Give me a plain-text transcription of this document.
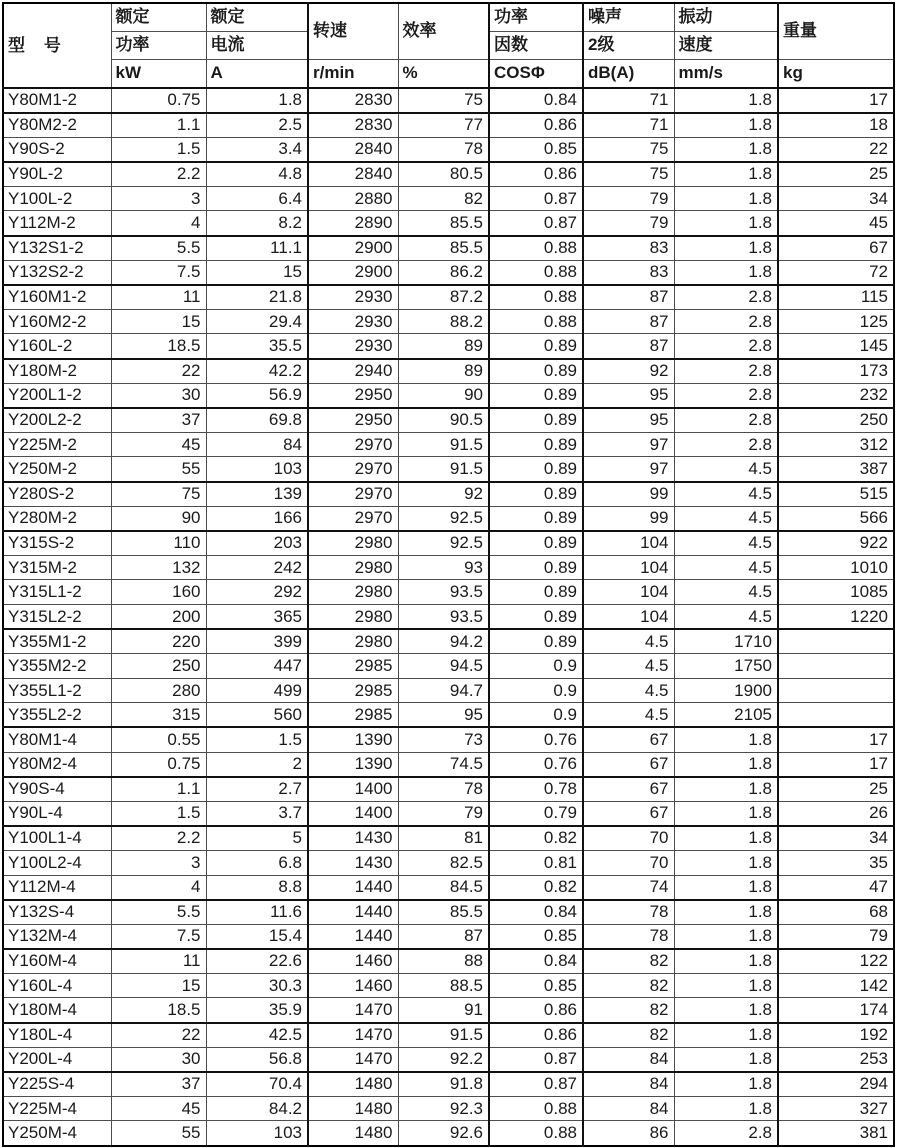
型    号	额定	额定	转速	效率	功率	噪声	振动	重量
	功率	电流			因数	2级	速度	
	kW	A	r/min	%	COSΦ	dB(A)	mm/s	kg
Y80M1-2	0.75	1.8	2830	75	0.84	71	1.8	17
Y80M2-2	1.1	2.5	2830	77	0.86	71	1.8	18
Y90S-2	1.5	3.4	2840	78	0.85	75	1.8	22
Y90L-2	2.2	4.8	2840	80.5	0.86	75	1.8	25
Y100L-2	3	6.4	2880	82	0.87	79	1.8	34
Y112M-2	4	8.2	2890	85.5	0.87	79	1.8	45
Y132S1-2	5.5	11.1	2900	85.5	0.88	83	1.8	67
Y132S2-2	7.5	15	2900	86.2	0.88	83	1.8	72
Y160M1-2	11	21.8	2930	87.2	0.88	87	2.8	115
Y160M2-2	15	29.4	2930	88.2	0.88	87	2.8	125
Y160L-2	18.5	35.5	2930	89	0.89	87	2.8	145
Y180M-2	22	42.2	2940	89	0.89	92	2.8	173
Y200L1-2	30	56.9	2950	90	0.89	95	2.8	232
Y200L2-2	37	69.8	2950	90.5	0.89	95	2.8	250
Y225M-2	45	84	2970	91.5	0.89	97	2.8	312
Y250M-2	55	103	2970	91.5	0.89	97	4.5	387
Y280S-2	75	139	2970	92	0.89	99	4.5	515
Y280M-2	90	166	2970	92.5	0.89	99	4.5	566
Y315S-2	110	203	2980	92.5	0.89	104	4.5	922
Y315M-2	132	242	2980	93	0.89	104	4.5	1010
Y315L1-2	160	292	2980	93.5	0.89	104	4.5	1085
Y315L2-2	200	365	2980	93.5	0.89	104	4.5	1220
Y355M1-2	220	399	2980	94.2	0.89	4.5	1710	
Y355M2-2	250	447	2985	94.5	0.9	4.5	1750	
Y355L1-2	280	499	2985	94.7	0.9	4.5	1900	
Y355L2-2	315	560	2985	95	0.9	4.5	2105	
Y80M1-4	0.55	1.5	1390	73	0.76	67	1.8	17
Y80M2-4	0.75	2	1390	74.5	0.76	67	1.8	17
Y90S-4	1.1	2.7	1400	78	0.78	67	1.8	25
Y90L-4	1.5	3.7	1400	79	0.79	67	1.8	26
Y100L1-4	2.2	5	1430	81	0.82	70	1.8	34
Y100L2-4	3	6.8	1430	82.5	0.81	70	1.8	35
Y112M-4	4	8.8	1440	84.5	0.82	74	1.8	47
Y132S-4	5.5	11.6	1440	85.5	0.84	78	1.8	68
Y132M-4	7.5	15.4	1440	87	0.85	78	1.8	79
Y160M-4	11	22.6	1460	88	0.84	82	1.8	122
Y160L-4	15	30.3	1460	88.5	0.85	82	1.8	142
Y180M-4	18.5	35.9	1470	91	0.86	82	1.8	174
Y180L-4	22	42.5	1470	91.5	0.86	82	1.8	192
Y200L-4	30	56.8	1470	92.2	0.87	84	1.8	253
Y225S-4	37	70.4	1480	91.8	0.87	84	1.8	294
Y225M-4	45	84.2	1480	92.3	0.88	84	1.8	327
Y250M-4	55	103	1480	92.6	0.88	86	2.8	381
